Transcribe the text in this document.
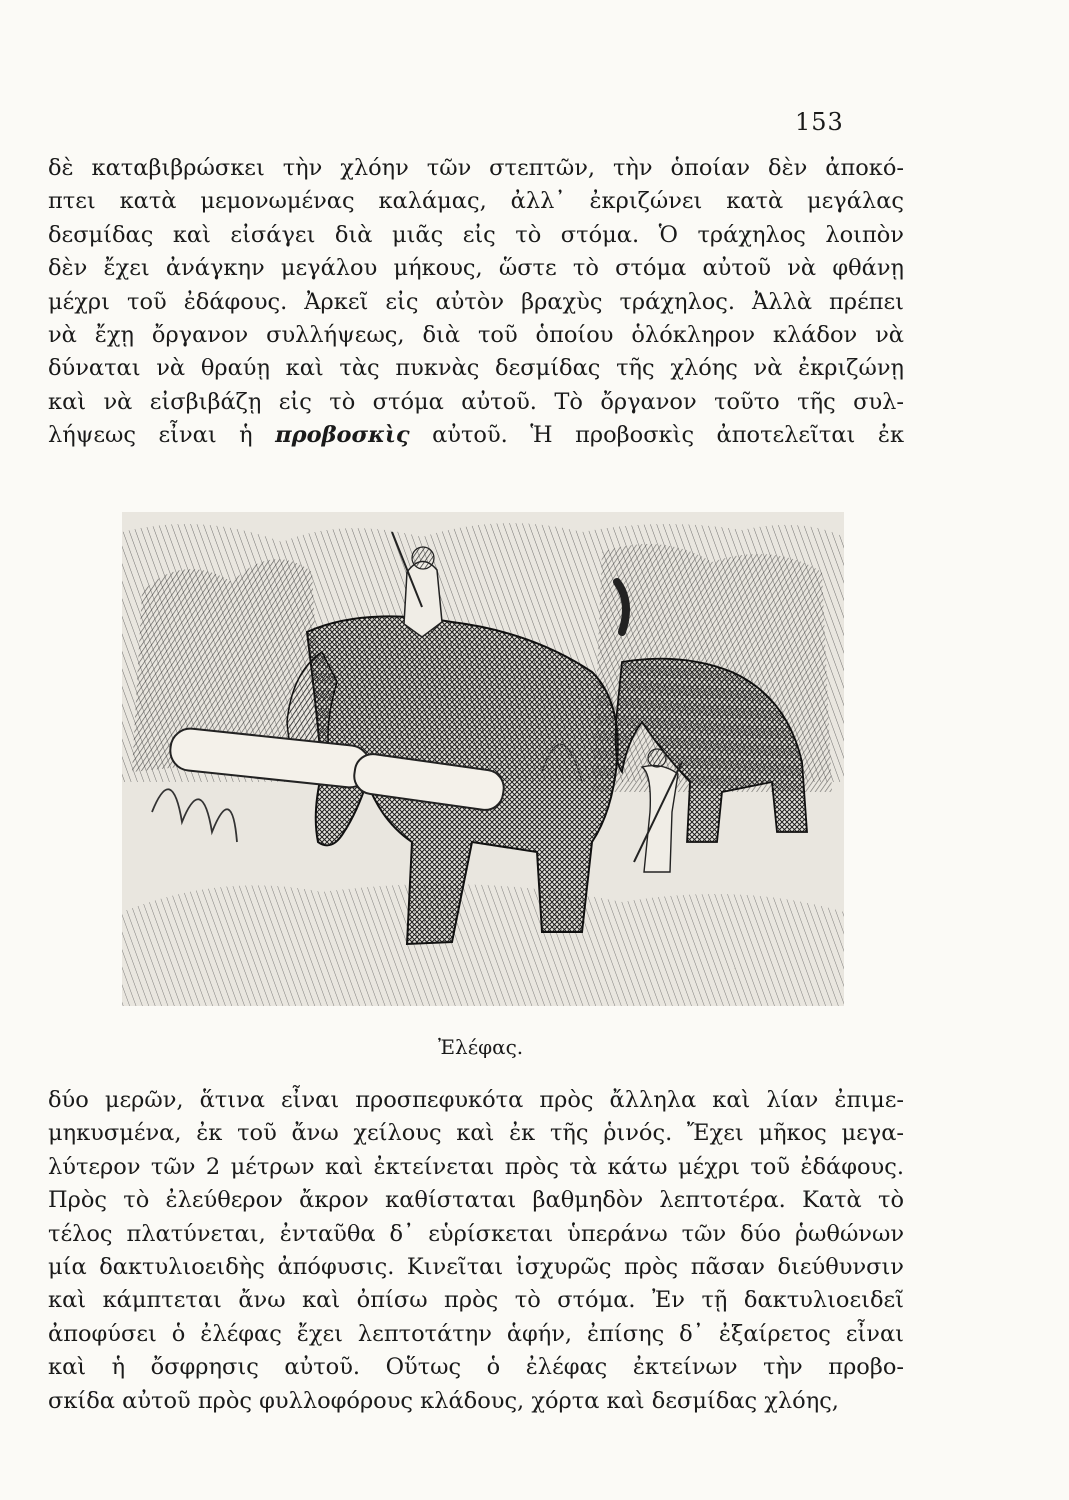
153
δὲ καταβιβρώσκει τὴν χλόην τῶν στεπτῶν, τὴν ὁποίαν δὲν ἀποκό-
πτει κατὰ μεμονωμένας καλάμας, ἀλλ᾽ ἐκριζώνει κατὰ μεγάλας
δεσμίδας καὶ εἰσάγει διὰ μιᾶς εἰς τὸ στόμα. Ὁ τράχηλος λοιπὸν
δὲν ἔχει ἀνάγκην μεγάλου μήκους, ὥστε τὸ στόμα αὐτοῦ νὰ φθάνῃ
μέχρι τοῦ ἐδάφους. Ἀρκεῖ εἰς αὐτὸν βραχὺς τράχηλος. Ἀλλὰ πρέπει
νὰ ἔχῃ ὄργανον συλλήψεως, διὰ τοῦ ὁποίου ὁλόκληρον κλάδον νὰ
δύναται νὰ θραύῃ καὶ τὰς πυκνὰς δεσμίδας τῆς χλόης νὰ ἐκριζώνῃ
καὶ νὰ εἰσβιβάζῃ εἰς τὸ στόμα αὐτοῦ. Τὸ ὄργανον τοῦτο τῆς συλ-
λήψεως εἶναι ἡ προβοσκὶς αὐτοῦ. Ἡ προβοσκὶς ἀποτελεῖται ἐκ
Ἐλέφας.
δύο μερῶν, ἅτινα εἶναι προσπεφυκότα πρὸς ἄλληλα καὶ λίαν ἐπιμε-
μηκυσμένα, ἐκ τοῦ ἄνω χείλους καὶ ἐκ τῆς ῥινός. Ἔχει μῆκος μεγα-
λύτερον τῶν 2 μέτρων καὶ ἐκτείνεται πρὸς τὰ κάτω μέχρι τοῦ ἐδάφους.
Πρὸς τὸ ἐλεύθερον ἄκρον καθίσταται βαθμηδὸν λεπτοτέρα. Κατὰ τὸ
τέλος πλατύνεται, ἐνταῦθα δ᾽ εὑρίσκεται ὑπεράνω τῶν δύο ῥωθώνων
μία δακτυλιοειδὴς ἀπόφυσις. Κινεῖται ἰσχυρῶς πρὸς πᾶσαν διεύθυνσιν
καὶ κάμπτεται ἄνω καὶ ὀπίσω πρὸς τὸ στόμα. Ἐν τῇ δακτυλιοειδεῖ
ἀποφύσει ὁ ἐλέφας ἔχει λεπτοτάτην ἁφήν, ἐπίσης δ᾽ ἐξαίρετος εἶναι
καὶ ἡ ὄσφρησις αὐτοῦ. Οὕτως ὁ ἐλέφας ἐκτείνων τὴν προβο-
σκίδα αὐτοῦ πρὸς φυλλοφόρους κλάδους, χόρτα καὶ δεσμίδας χλόης,
